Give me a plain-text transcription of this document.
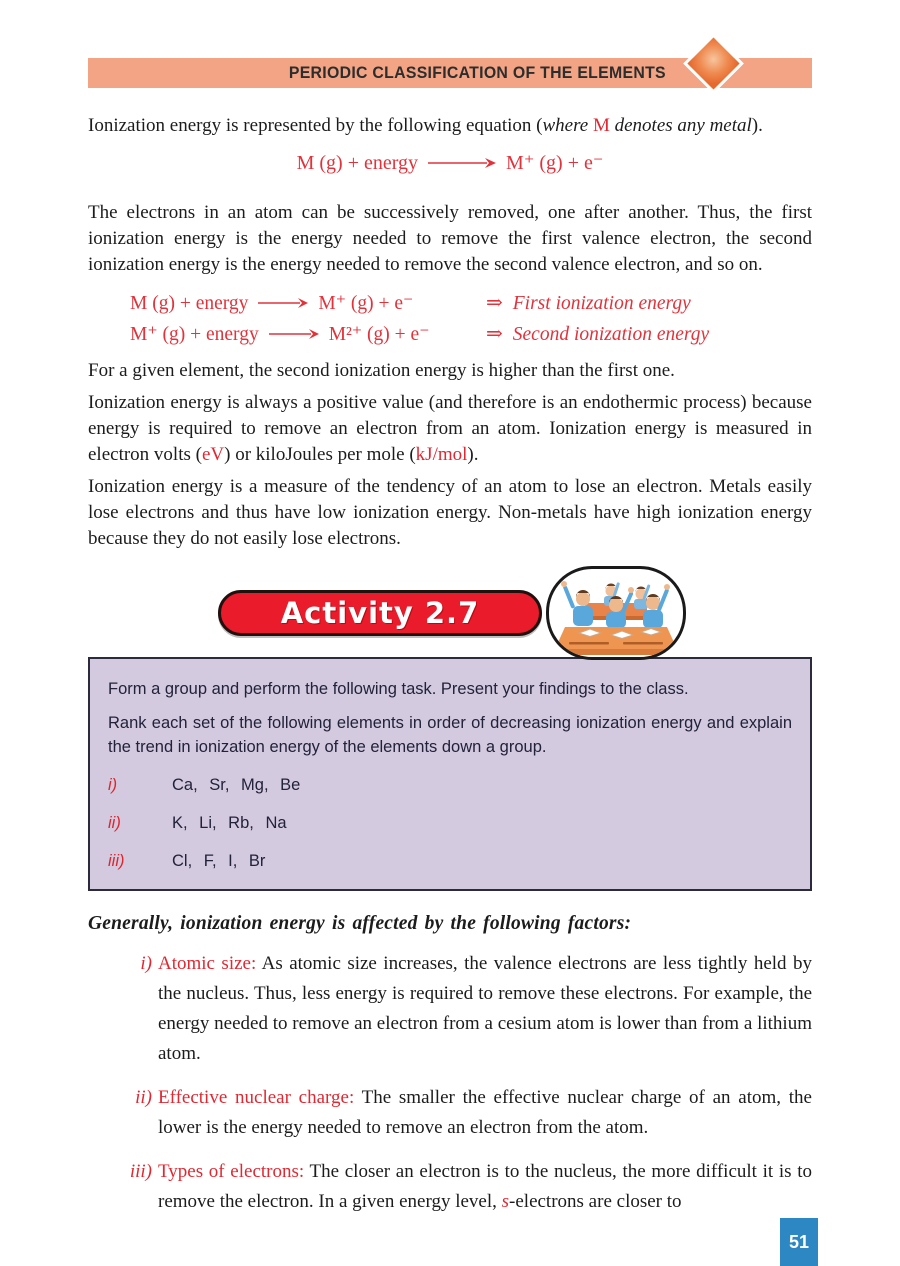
PERIODIC CLASSIFICATION OF THE ELEMENTS

Ionization energy is represented by the following equation (where M denotes any metal).

M (g) + energy	M⁺ (g) + e⁻

The electrons in an atom can be successively removed, one after another. Thus, the first ionization energy is the energy needed to remove the first valence electron, the second ionization energy is the energy needed to remove the second valence electron, and so on.

M (g) + energy	M⁺ (g) + e⁻	⇒ First ionization energy
M⁺ (g) + energy	M²⁺ (g) + e⁻	⇒ Second ionization energy

For a given element, the second ionization energy is higher than the first one.

Ionization energy is always a positive value (and therefore is an endothermic process) because energy is required to remove an electron from an atom. Ionization energy is measured in electron volts (eV) or kiloJoules per mole (kJ/mol).

Ionization energy is a measure of the tendency of an atom to lose an electron. Metals easily lose electrons and thus have low ionization energy. Non-metals have high ionization energy because they do not easily lose electrons.

Activity 2.7

Form a group and perform the following task. Present your findings to the class.

Rank each set of the following elements in order of decreasing ionization energy and explain the trend in ionization energy of the elements down a group.

i)	Ca, Sr, Mg, Be
ii)	K, Li, Rb, Na
iii)	Cl, F, I, Br

Generally, ionization energy is affected by the following factors:

i) Atomic size: As atomic size increases, the valence electrons are less tightly held by the nucleus. Thus, less energy is required to remove these electrons. For example, the energy needed to remove an electron from a cesium atom is lower than from a lithium atom.
ii) Effective nuclear charge: The smaller the effective nuclear charge of an atom, the lower is the energy needed to remove an electron from the atom.
iii) Types of electrons: The closer an electron is to the nucleus, the more difficult it is to remove the electron. In a given energy level, s-electrons are closer to
51
